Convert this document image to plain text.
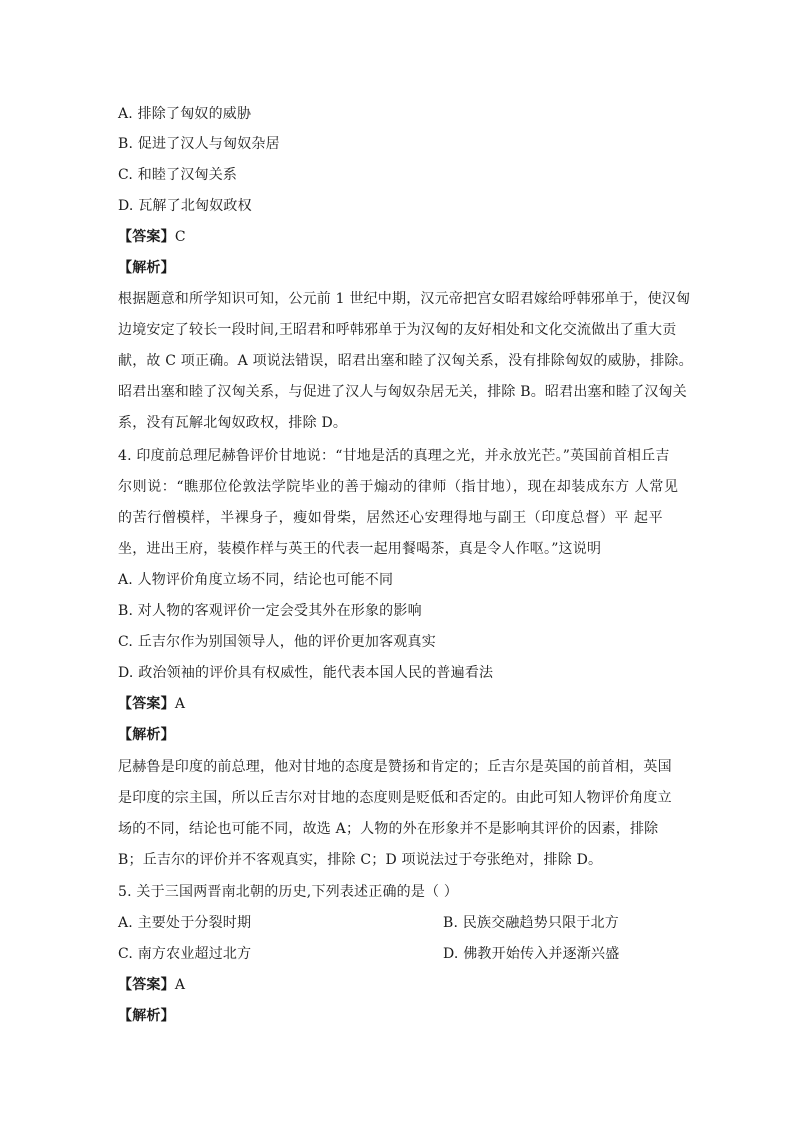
A. 排除了匈奴的威胁
B. 促进了汉人与匈奴杂居
C. 和睦了汉匈关系
D. 瓦解了北匈奴政权
【答案】C
【解析】
根据题意和所学知识可知，公元前 1 世纪中期，汉元帝把宫女昭君嫁给呼韩邪单于，使汉匈
边境安定了较长一段时间,王昭君和呼韩邪单于为汉匈的友好相处和文化交流做出了重大贡
献，故 C 项正确。A 项说法错误，昭君出塞和睦了汉匈关系，没有排除匈奴的威胁，排除。
昭君出塞和睦了汉匈关系，与促进了汉人与匈奴杂居无关，排除 B。昭君出塞和睦了汉匈关
系，没有瓦解北匈奴政权，排除 D。
4. 印度前总理尼赫鲁评价甘地说：“甘地是活的真理之光，并永放光芒。”英国前首相丘吉
尔则说：“瞧那位伦敦法学院毕业的善于煽动的律师（指甘地），现在却装成东方 人常见
的苦行僧模样，半裸身子，瘦如骨柴，居然还心安理得地与副王（印度总督）平 起平
坐，进出王府，装模作样与英王的代表一起用餐喝茶，真是令人作呕。”这说明
A. 人物评价角度立场不同，结论也可能不同
B. 对人物的客观评价一定会受其外在形象的影响
C. 丘吉尔作为别国领导人，他的评价更加客观真实
D. 政治领袖的评价具有权威性，能代表本国人民的普遍看法
【答案】A
【解析】
尼赫鲁是印度的前总理，他对甘地的态度是赞扬和肯定的；丘吉尔是英国的前首相，英国
是印度的宗主国，所以丘吉尔对甘地的态度则是贬低和否定的。由此可知人物评价角度立
场的不同，结论也可能不同，故选 A；人物的外在形象并不是影响其评价的因素，排除
B；丘吉尔的评价并不客观真实，排除 C；D 项说法过于夸张绝对，排除 D。
5. 关于三国两晋南北朝的历史,下列表述正确的是（ ）
A. 主要处于分裂时期	B. 民族交融趋势只限于北方
C. 南方农业超过北方	D. 佛教开始传入并逐渐兴盛
【答案】A
【解析】
